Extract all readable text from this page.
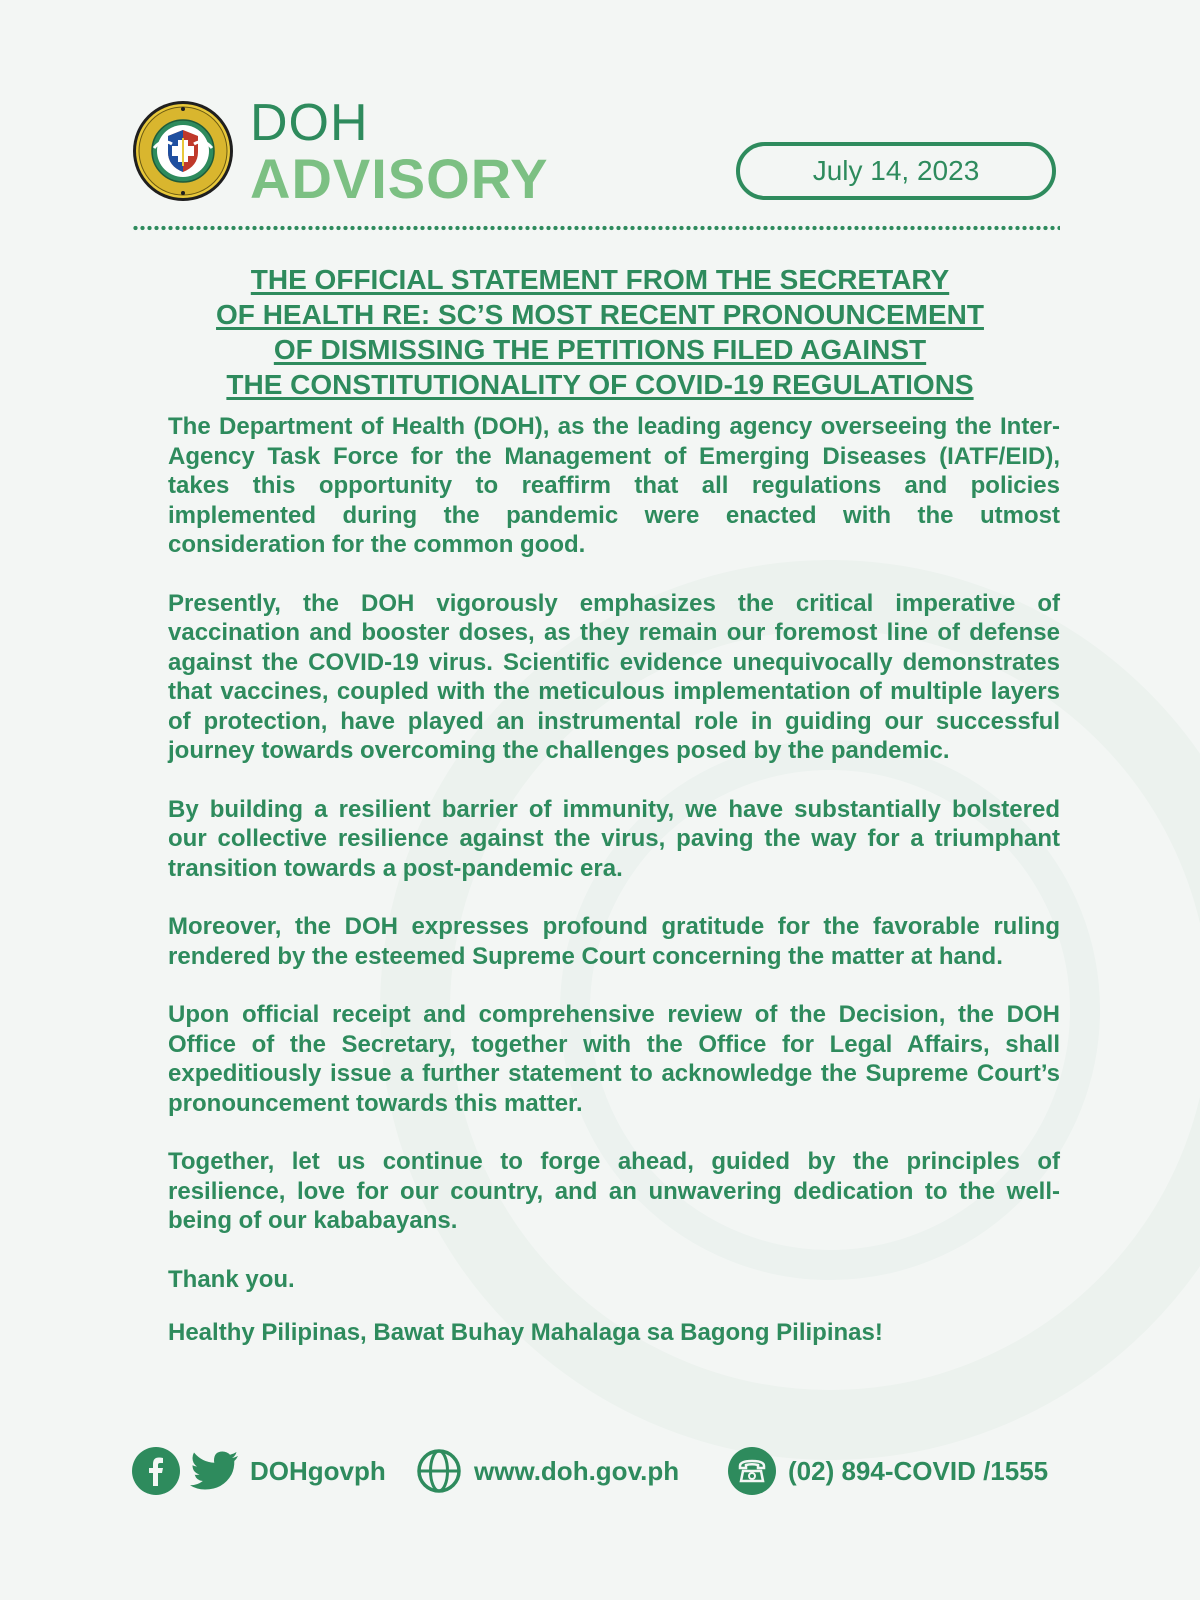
DOH
ADVISORY	July 14, 2023
THE OFFICIAL STATEMENT FROM THE SECRETARY
OF HEALTH RE: SC’S MOST RECENT PRONOUNCEMENT
OF DISMISSING THE PETITIONS FILED AGAINST
THE CONSTITUTIONALITY OF COVID-19 REGULATIONS

The Department of Health (DOH), as the leading agency overseeing the Inter-Agency Task Force for the Management of Emerging Diseases (IATF/EID), takes this opportunity to reaffirm that all regulations and policies implemented during the pandemic were enacted with the utmost consideration for the common good.

Presently, the DOH vigorously emphasizes the critical imperative of vaccination and booster doses, as they remain our foremost line of defense against the COVID-19 virus. Scientific evidence unequivocally demonstrates that vaccines, coupled with the meticulous implementation of multiple layers of protection, have played an instrumental role in guiding our successful journey towards overcoming the challenges posed by the pandemic.

By building a resilient barrier of immunity, we have substantially bolstered our collective resilience against the virus, paving the way for a triumphant transition towards a post-pandemic era.

Moreover, the DOH expresses profound gratitude for the favorable ruling rendered by the esteemed Supreme Court concerning the matter at hand.

Upon official receipt and comprehensive review of the Decision, the DOH Office of the Secretary, together with the Office for Legal Affairs, shall expeditiously issue a further statement to acknowledge the Supreme Court’s pronouncement towards this matter.

Together, let us continue to forge ahead, guided by the principles of resilience, love for our country, and an unwavering dedication to the well-being of our kababayans.

Thank you.

Healthy Pilipinas, Bawat Buhay Mahalaga sa Bagong Pilipinas!

DOHgovph	www.doh.gov.ph	(02) 894-COVID /1555
